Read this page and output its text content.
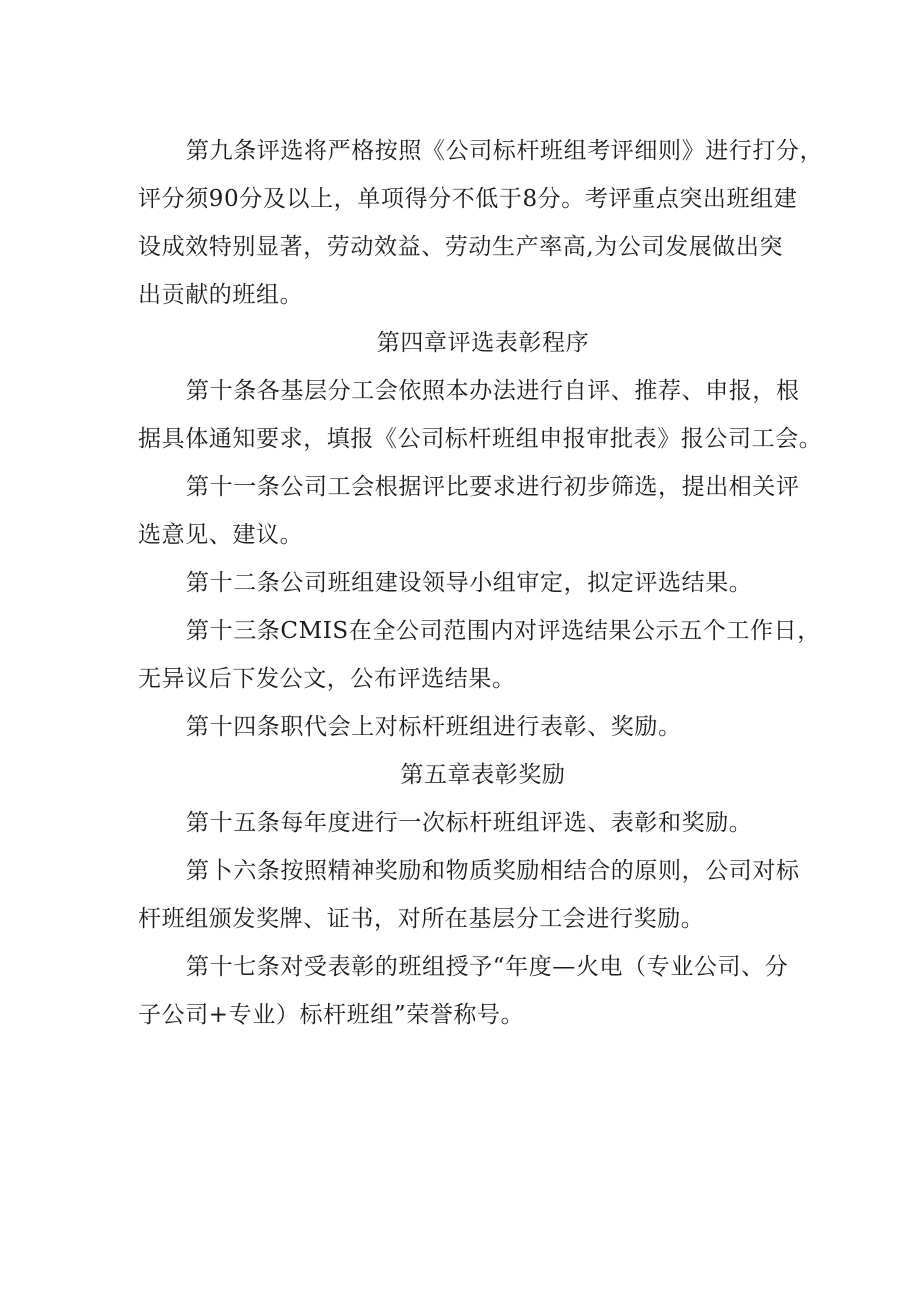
第九条评选将严格按照《公司标杆班组考评细则》进行打分，
评分须90分及以上，单项得分不低于8分。考评重点突出班组建
设成效特别显著，劳动效益、劳动生产率高,为公司发展做出突
出贡献的班组。
第四章评选表彰程序
第十条各基层分工会依照本办法进行自评、推荐、申报，根
据具体通知要求，填报《公司标杆班组申报审批表》报公司工会。
第十一条公司工会根据评比要求进行初步筛选，提出相关评
选意见、建议。
第十二条公司班组建设领导小组审定，拟定评选结果。
第十三条CMIS在全公司范围内对评选结果公示五个工作日，
无异议后下发公文，公布评选结果。
第十四条职代会上对标杆班组进行表彰、奖励。
第五章表彰奖励
第十五条每年度进行一次标杆班组评选、表彰和奖励。
第卜六条按照精神奖励和物质奖励相结合的原则，公司对标
杆班组颁发奖牌、证书，对所在基层分工会进行奖励。
第十七条对受表彰的班组授予“年度—火电（专业公司、分
子公司+专业）标杆班组”荣誉称号。
